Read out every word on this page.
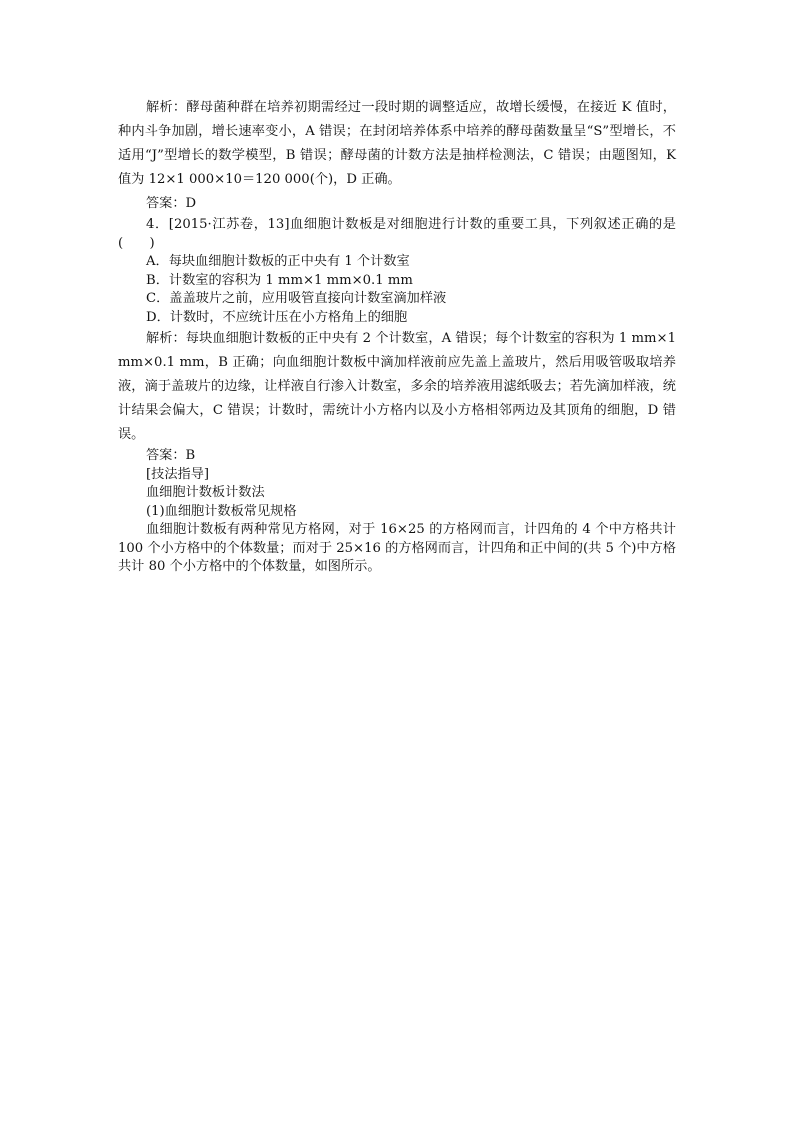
解析：酵母菌种群在培养初期需经过一段时期的调整适应，故增长缓慢，在接近 K 值时，种内斗争加剧，增长速率变小，A 错误；在封闭培养体系中培养的酵母菌数量呈“S”型增长，不适用“J”型增长的数学模型，B 错误；酵母菌的计数方法是抽样检测法，C 错误；由题图知，K 值为 12×1 000×10＝120 000(个)，D 正确。

答案：D

4．[2015·江苏卷，13]血细胞计数板是对细胞进行计数的重要工具，下列叙述正确的是(　　)

A．每块血细胞计数板的正中央有 1 个计数室

B．计数室的容积为 1 mm×1 mm×0.1 mm

C．盖盖玻片之前，应用吸管直接向计数室滴加样液

D．计数时，不应统计压在小方格角上的细胞

解析：每块血细胞计数板的正中央有 2 个计数室，A 错误；每个计数室的容积为 1 mm×1 mm×0.1 mm，B 正确；向血细胞计数板中滴加样液前应先盖上盖玻片，然后用吸管吸取培养液，滴于盖玻片的边缘，让样液自行渗入计数室，多余的培养液用滤纸吸去；若先滴加样液，统计结果会偏大，C 错误；计数时，需统计小方格内以及小方格相邻两边及其顶角的细胞，D 错误。

答案：B

[技法指导]

血细胞计数板计数法

(1)血细胞计数板常见规格

血细胞计数板有两种常见方格网，对于 16×25 的方格网而言，计四角的 4 个中方格共计 100 个小方格中的个体数量；而对于 25×16 的方格网而言，计四角和正中间的(共 5 个)中方格共计 80 个小方格中的个体数量，如图所示。
